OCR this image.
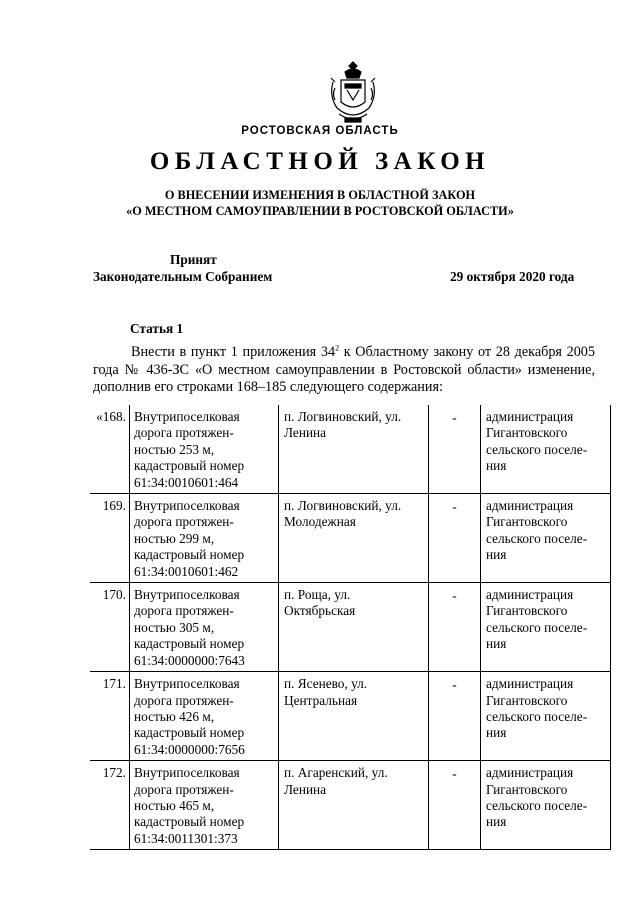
РОСТОВСКАЯ ОБЛАСТЬ
ОБЛАСТНОЙ ЗАКОН
О ВНЕСЕНИИ ИЗМЕНЕНИЯ В ОБЛАСТНОЙ ЗАКОН
«О МЕСТНОМ САМОУПРАВЛЕНИИ В РОСТОВСКОЙ ОБЛАСТИ»
Принят
Законодательным Собранием	29 октября 2020 года
Статья 1
Внести в пункт 1 приложения $34^2$ к Областному закону от 28 декабря 2005 года № 436-ЗС «О местном самоуправлении в Ростовской области» изменение, дополнив его строками 168–185 следующего содержания:
«168.	Внутрипоселковая дорога протяжен-ностью 253 м, кадастровый номер 61:34:0010601:464	п. Логвиновский, ул. Ленина	-	администрация Гигантовского сельского поселе-ния
169.	Внутрипоселковая дорога протяжен-ностью 299 м, кадастровый номер 61:34:0010601:462	п. Логвиновский, ул. Молодежная	-	администрация Гигантовского сельского поселе-ния
170.	Внутрипоселковая дорога протяжен-ностью 305 м, кадастровый номер 61:34:0000000:7643	п. Роща, ул. Октябрьская	-	администрация Гигантовского сельского поселе-ния
171.	Внутрипоселковая дорога протяжен-ностью 426 м, кадастровый номер 61:34:0000000:7656	п. Ясенево, ул. Центральная	-	администрация Гигантовского сельского поселе-ния
172.	Внутрипоселковая дорога протяжен-ностью 465 м, кадастровый номер 61:34:0011301:373	п. Агаренский, ул. Ленина	-	администрация Гигантовского сельского поселе-ния
